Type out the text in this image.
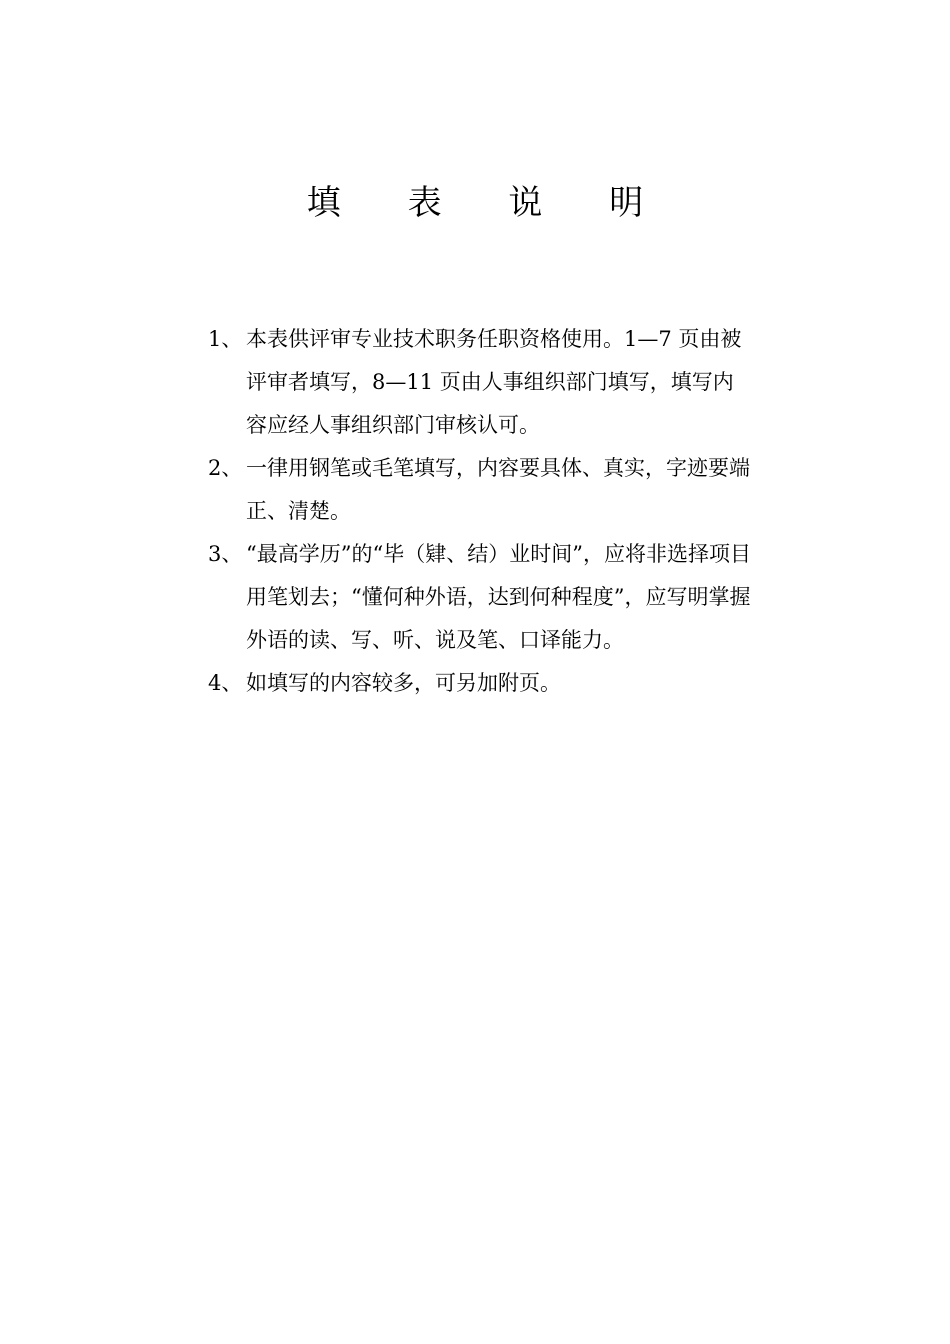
填 表 说 明
1、 本表供评审专业技术职务任职资格使用。1—7 页由被评审者填写，8—11 页由人事组织部门填写，填写内容应经人事组织部门审核认可。
2、 一律用钢笔或毛笔填写，内容要具体、真实，字迹要端正、清楚。
3、 “最高学历”的“毕（肄、结）业时间”，应将非选择项目用笔划去；“懂何种外语，达到何种程度”，应写明掌握外语的读、写、听、说及笔、口译能力。
4、 如填写的内容较多，可另加附页。
